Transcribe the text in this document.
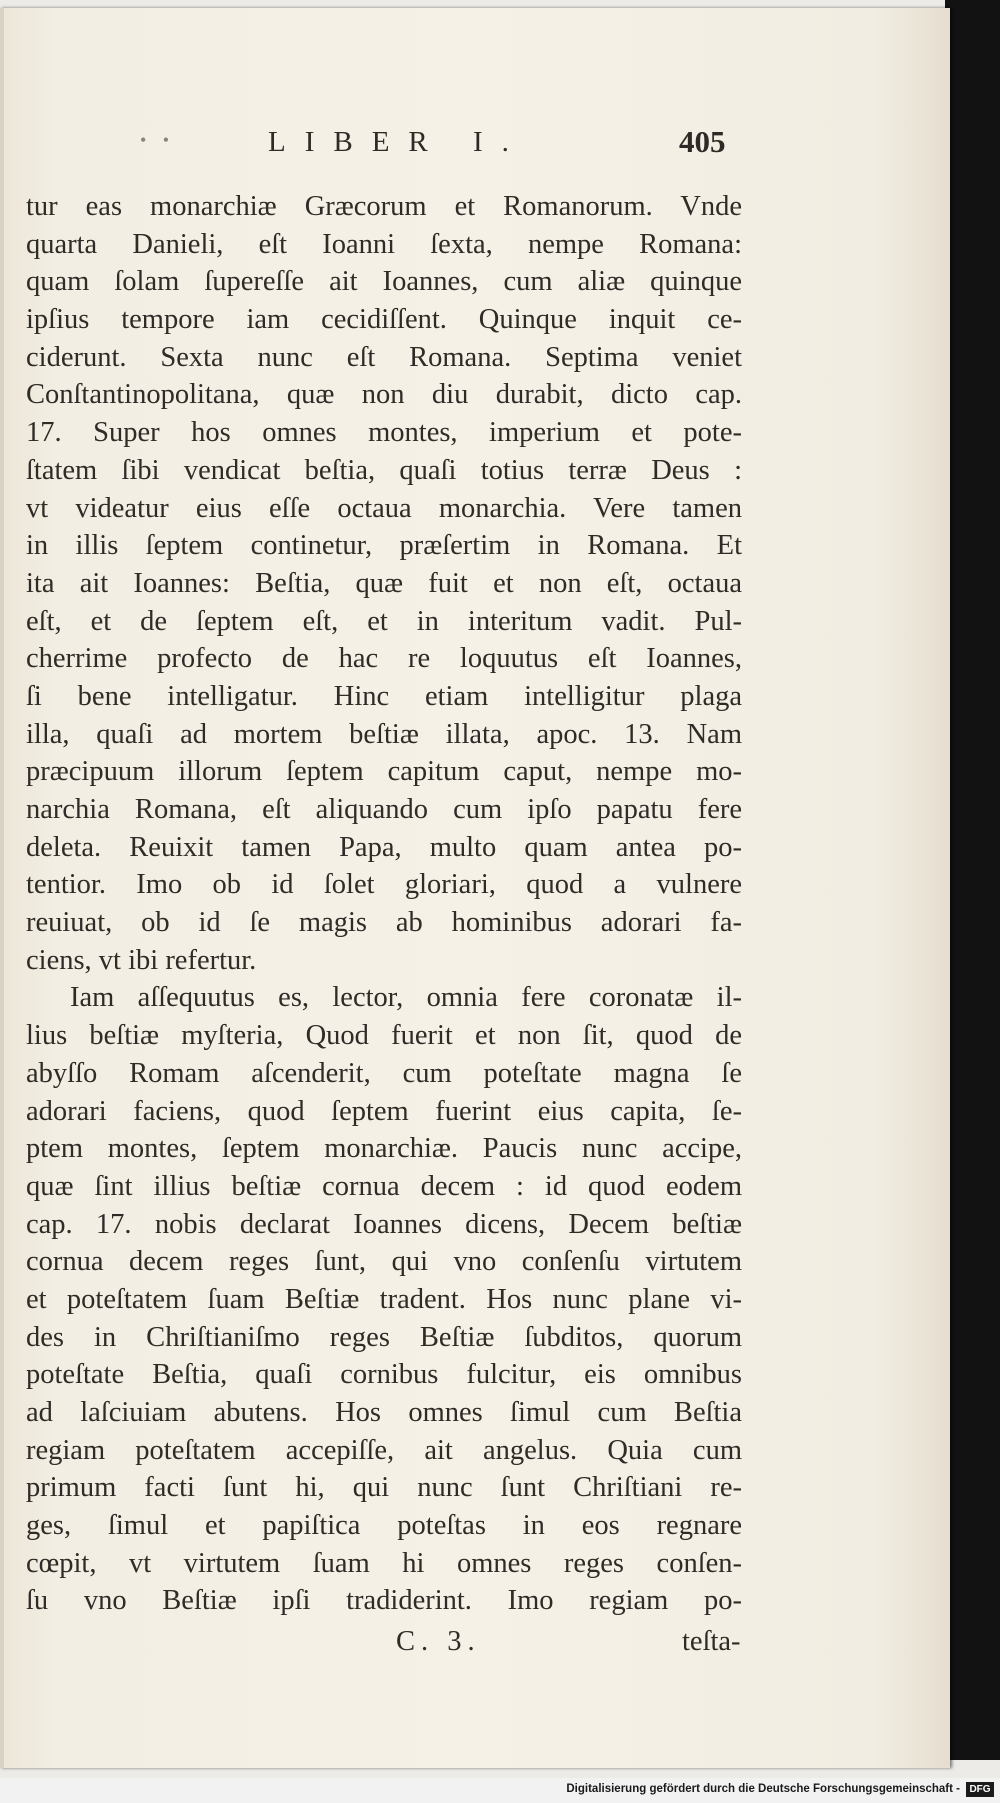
• •	LIBER I.	405
tur eas monarchiæ Græcorum et Romanorum. Vnde
quarta Danieli, eſt Ioanni ſexta, nempe Romana:
quam ſolam ſupereſſe ait Ioannes, cum aliæ quinque
ipſius tempore iam cecidiſſent. Quinque inquit ce-
ciderunt. Sexta nunc eſt Romana. Septima veniet
Conſtantinopolitana, quæ non diu durabit, dicto cap.
17. Super hos omnes montes, imperium et pote-
ſtatem ſibi vendicat beſtia, quaſi totius terræ Deus :
vt videatur eius eſſe octaua monarchia. Vere tamen
in illis ſeptem continetur, præſertim in Romana. Et
ita ait Ioannes: Beſtia, quæ fuit et non eſt, octaua
eſt, et de ſeptem eſt, et in interitum vadit. Pul-
cherrime profecto de hac re loquutus eſt Ioannes,
ſi bene intelligatur. Hinc etiam intelligitur plaga
illa, quaſi ad mortem beſtiæ illata, apoc. 13. Nam
præcipuum illorum ſeptem capitum caput, nempe mo-
narchia Romana, eſt aliquando cum ipſo papatu fere
deleta. Reuixit tamen Papa, multo quam antea po-
tentior. Imo ob id ſolet gloriari, quod a vulnere
reuiuat, ob id ſe magis ab hominibus adorari fa-
ciens, vt ibi refertur.
Iam aſſequutus es, lector, omnia fere coronatæ il-
lius beſtiæ myſteria, Quod fuerit et non ſit, quod de
abyſſo Romam aſcenderit, cum poteſtate magna ſe
adorari faciens, quod ſeptem fuerint eius capita, ſe-
ptem montes, ſeptem monarchiæ. Paucis nunc accipe,
quæ ſint illius beſtiæ cornua decem : id quod eodem
cap. 17. nobis declarat Ioannes dicens, Decem beſtiæ
cornua decem reges ſunt, qui vno conſenſu virtutem
et poteſtatem ſuam Beſtiæ tradent. Hos nunc plane vi-
des in Chriſtianiſmo reges Beſtiæ ſubditos, quorum
poteſtate Beſtia, quaſi cornibus fulcitur, eis omnibus
ad laſciuiam abutens. Hos omnes ſimul cum Beſtia
regiam poteſtatem accepiſſe, ait angelus. Quia cum
primum facti ſunt hi, qui nunc ſunt Chriſtiani re-
ges, ſimul et papiſtica poteſtas in eos regnare
cœpit, vt virtutem ſuam hi omnes reges conſen-
ſu vno Beſtiæ ipſi tradiderint. Imo regiam po-
C. 3.	teſta-
Digitalisierung gefördert durch die Deutsche Forschungsgemeinschaft - DFG
